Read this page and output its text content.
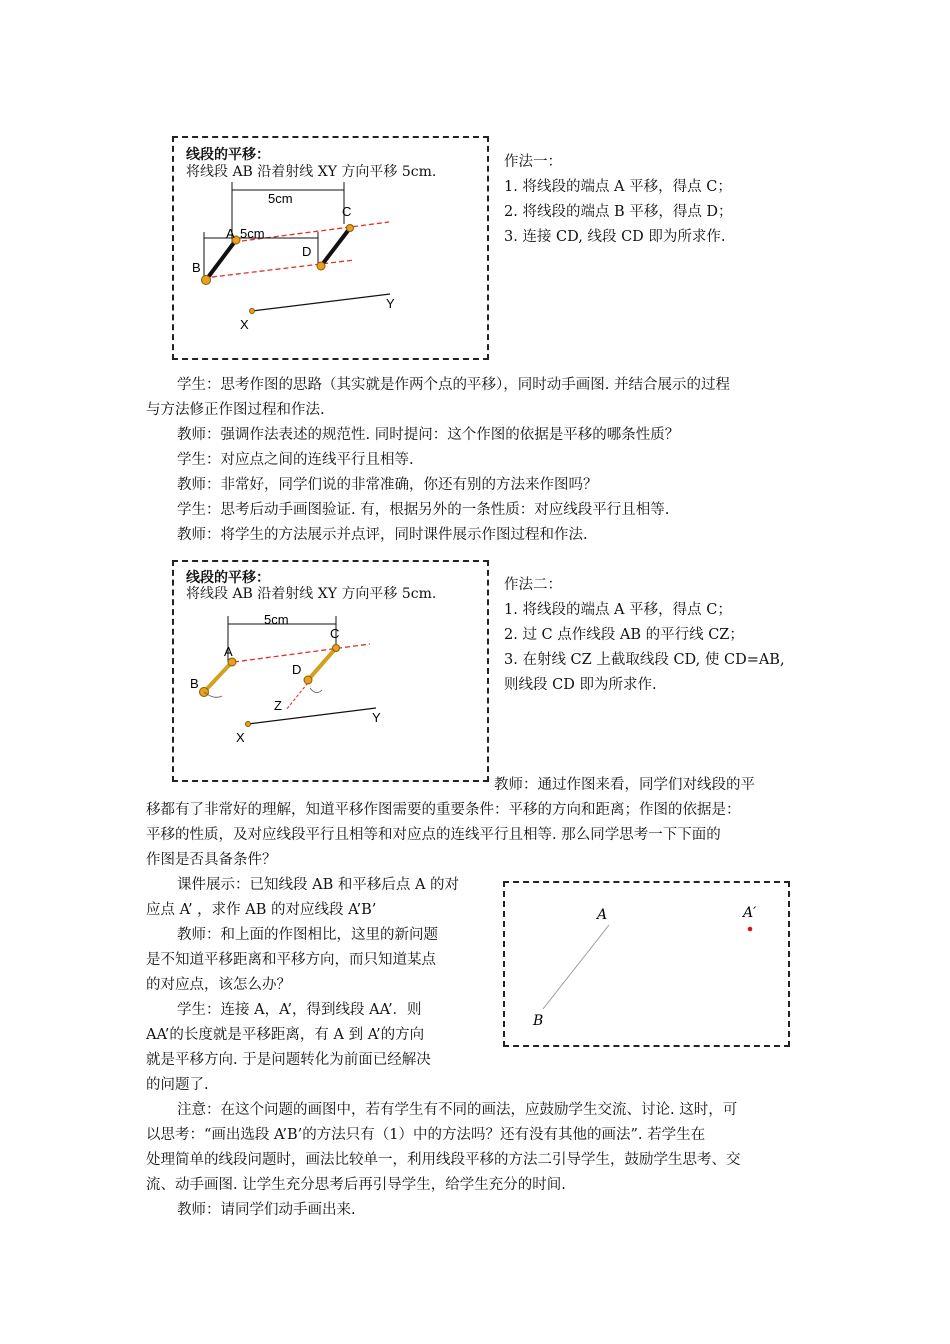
线段的平移：
将线段 AB 沿着射线 XY 方向平移 5cm.
5cm
5cm
A
B
C
D
X
Y
作法一：
1. 将线段的端点 A 平移，得点 C；
2. 将线段的端点 B 平移，得点 D；
3. 连接 CD, 线段 CD 即为所求作.
学生：思考作图的思路（其实就是作两个点的平移），同时动手画图. 并结合展示的过程
与方法修正作图过程和作法.
教师：强调作法表述的规范性. 同时提问：这个作图的依据是平移的哪条性质？
学生：对应点之间的连线平行且相等.
教师：非常好，同学们说的非常准确，你还有别的方法来作图吗？
学生：思考后动手画图验证. 有，根据另外的一条性质：对应线段平行且相等.
教师：将学生的方法展示并点评，同时课件展示作图过程和作法.
线段的平移：
将线段 AB 沿着射线 XY 方向平移 5cm.
5cm
A
B
C
D
Z
X
Y
作法二：
1. 将线段的端点 A 平移，得点 C；
2. 过 C 点作线段 AB 的平行线 CZ；
3. 在射线 CZ 上截取线段 CD, 使 CD=AB,
则线段 CD 即为所求作.
教师：通过作图来看，同学们对线段的平
移都有了非常好的理解，知道平移作图需要的重要条件：平移的方向和距离；作图的依据是：
平移的性质，及对应线段平行且相等和对应点的连线平行且相等. 那么同学思考一下下面的
作图是否具备条件？
课件展示：已知线段 AB 和平移后点 A 的对
应点 A’ ，求作 AB 的对应线段 A’B’
教师：和上面的作图相比，这里的新问题
是不知道平移距离和平移方向，而只知道某点
的对应点，该怎么办？
学生：连接 A，A’，得到线段 AA’．则
AA’的长度就是平移距离，有 A 到 A’的方向
就是平移方向. 于是问题转化为前面已经解决
的问题了.
A	A′
B
注意：在这个问题的画图中，若有学生有不同的画法，应鼓励学生交流、讨论. 这时，可
以思考：“画出选段 A’B’的方法只有（1）中的方法吗？还有没有其他的画法”. 若学生在
处理简单的线段问题时，画法比较单一，利用线段平移的方法二引导学生，鼓励学生思考、交
流、动手画图. 让学生充分思考后再引导学生，给学生充分的时间.
教师：请同学们动手画出来.
